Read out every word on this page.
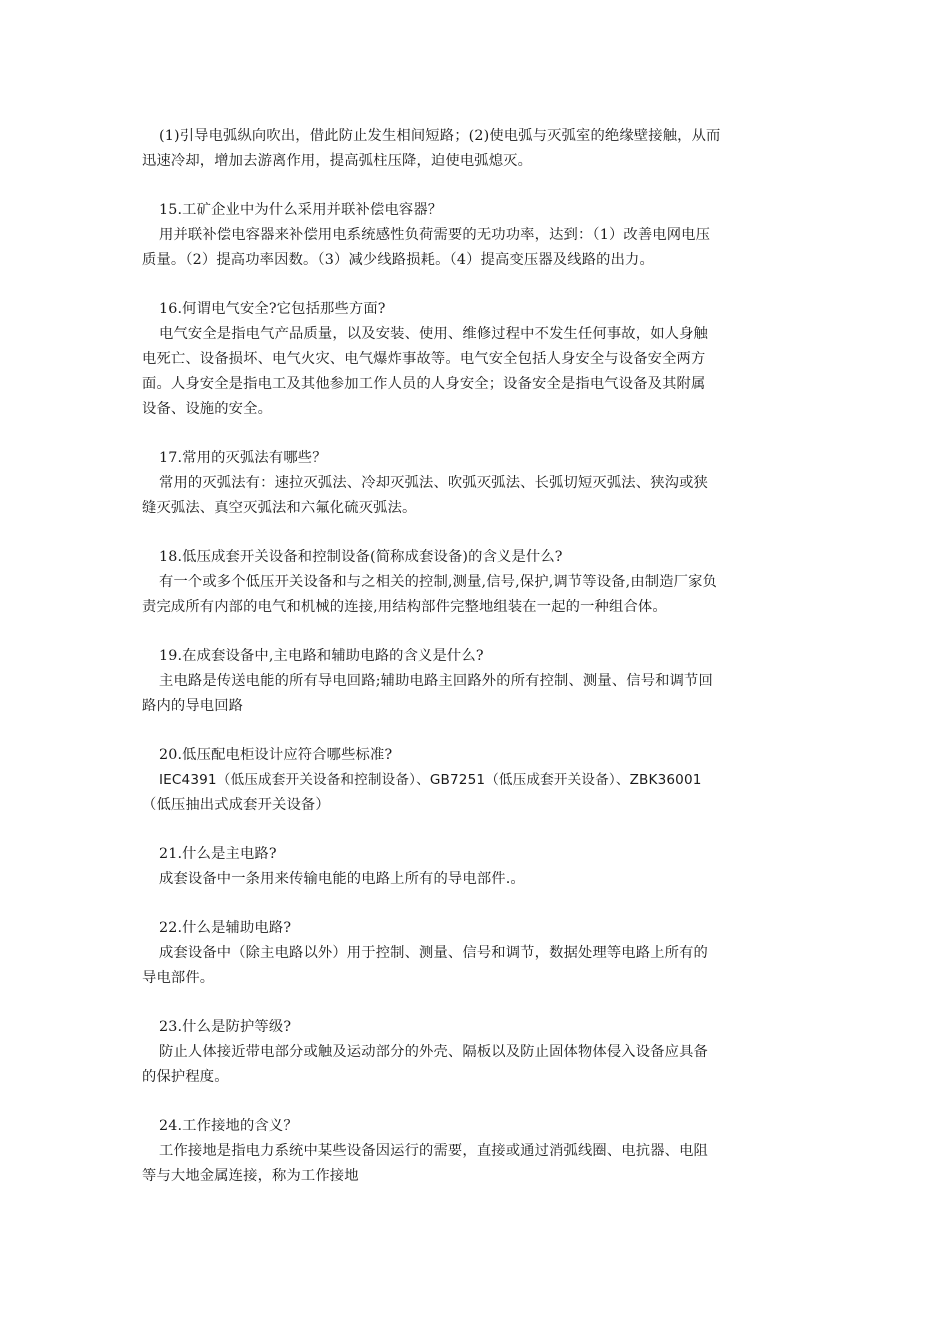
(1)引导电弧纵向吹出，借此防止发生相间短路；(2)使电弧与灭弧室的绝缘壁接触，从而
迅速冷却，增加去游离作用，提高弧柱压降，迫使电弧熄灭。
15.工矿企业中为什么采用并联补偿电容器？
用并联补偿电容器来补偿用电系统感性负荷需要的无功功率，达到：（1）改善电网电压
质量。（2）提高功率因数。（3）减少线路损耗。（4）提高变压器及线路的出力。
16.何谓电气安全?它包括那些方面?
电气安全是指电气产品质量，以及安装、使用、维修过程中不发生任何事故，如人身触
电死亡、设备损坏、电气火灾、电气爆炸事故等。电气安全包括人身安全与设备安全两方
面。人身安全是指电工及其他参加工作人员的人身安全；设备安全是指电气设备及其附属
设备、设施的安全。
17.常用的灭弧法有哪些？
常用的灭弧法有：速拉灭弧法、冷却灭弧法、吹弧灭弧法、长弧切短灭弧法、狭沟或狭
缝灭弧法、真空灭弧法和六氟化硫灭弧法。
18.低压成套开关设备和控制设备(简称成套设备)的含义是什么?
有一个或多个低压开关设备和与之相关的控制,测量,信号,保护,调节等设备,由制造厂家负
责完成所有内部的电气和机械的连接,用结构部件完整地组装在一起的一种组合体。
19.在成套设备中,主电路和辅助电路的含义是什么?
主电路是传送电能的所有导电回路;辅助电路主回路外的所有控制、测量、信号和调节回
路内的导电回路
20.低压配电柜设计应符合哪些标准?
IEC4391（低压成套开关设备和控制设备）、GB7251（低压成套开关设备）、ZBK36001
（低压抽出式成套开关设备）
21.什么是主电路?
成套设备中一条用来传输电能的电路上所有的导电部件.。
22.什么是辅助电路?
成套设备中（除主电路以外）用于控制、测量、信号和调节，数据处理等电路上所有的
导电部件。
23.什么是防护等级?
防止人体接近带电部分或触及运动部分的外壳、隔板以及防止固体物体侵入设备应具备
的保护程度。
24.工作接地的含义？
工作接地是指电力系统中某些设备因运行的需要，直接或通过消弧线圈、电抗器、电阻
等与大地金属连接，称为工作接地
